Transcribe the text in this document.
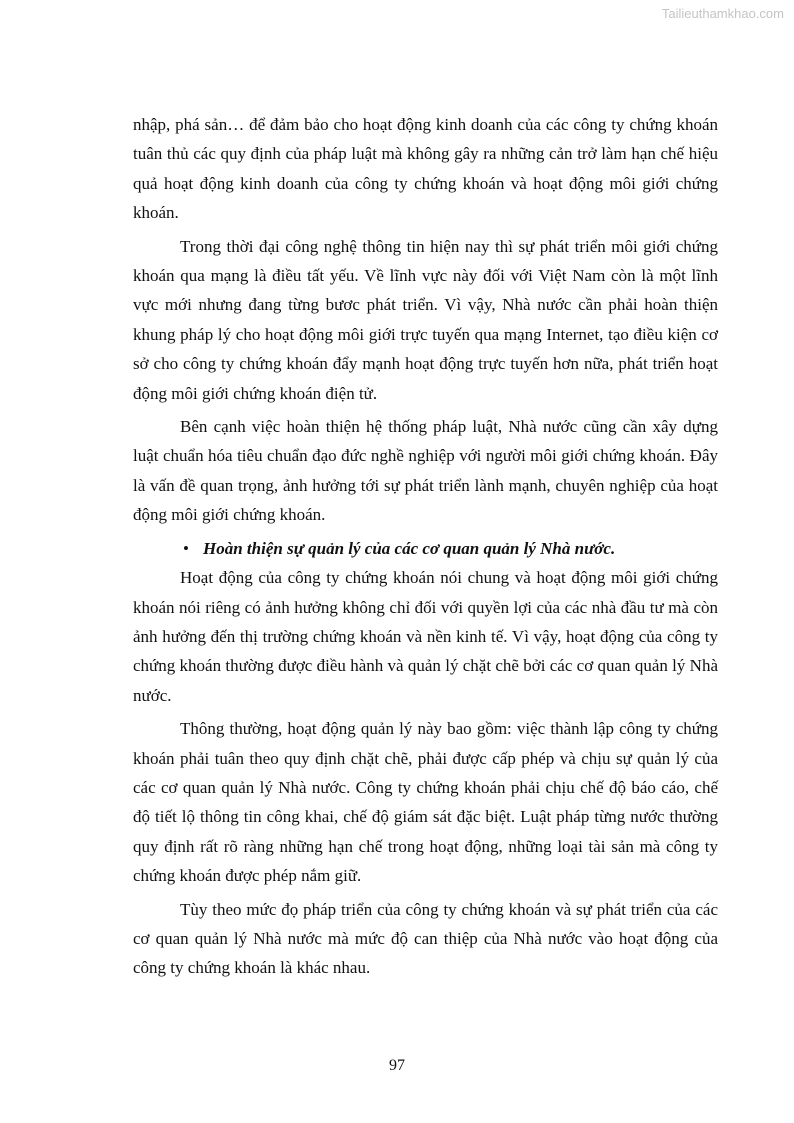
Tailieuthamkhao.com

nhập, phá sản… để đảm bảo cho hoạt động kinh doanh của các công ty chứng khoán tuân thủ các quy định của pháp luật mà không gây ra những cản trở làm hạn chế hiệu quả hoạt động kinh doanh của công ty chứng khoán và hoạt động môi giới chứng khoán.

Trong thời đại công nghệ thông tin hiện nay thì sự phát triển môi giới chứng khoán qua mạng là điều tất yếu. Về lĩnh vực này đối với Việt Nam còn là một lĩnh vực mới nhưng đang từng bươc phát triển. Vì vậy, Nhà nước cần phải hoàn thiện khung pháp lý cho hoạt động môi giới trực tuyến qua mạng Internet, tạo điều kiện cơ sở cho công ty chứng khoán đẩy mạnh hoạt động trực tuyến hơn nữa, phát triển hoạt động môi giới chứng khoán điện tử.

Bên cạnh việc hoàn thiện hệ thống pháp luật, Nhà nước cũng cần xây dựng luật chuẩn hóa tiêu chuẩn đạo đức nghề nghiệp với người môi giới chứng khoán. Đây là vấn đề quan trọng, ảnh hưởng tới sự phát triển lành mạnh, chuyên nghiệp của hoạt động môi giới chứng khoán.

• Hoàn thiện sự quản lý của các cơ quan quản lý Nhà nước.

Hoạt động của công ty chứng khoán nói chung và hoạt động môi giới chứng khoán nói riêng có ảnh hưởng không chỉ đối với quyền lợi của các nhà đầu tư mà còn ảnh hưởng đến thị trường chứng khoán và nền kinh tế. Vì vậy, hoạt động của công ty chứng khoán thường được điều hành và quản lý chặt chẽ bởi các cơ quan quản lý Nhà nước.

Thông thường, hoạt động quản lý này bao gồm: việc thành lập công ty chứng khoán phải tuân theo quy định chặt chẽ, phải được cấp phép và chịu sự quản lý của các cơ quan quản lý Nhà nước. Công ty chứng khoán phải chịu chế độ báo cáo, chế độ tiết lộ thông tin công khai, chế độ giám sát đặc biệt. Luật pháp từng nước thường quy định rất rõ ràng những hạn chế trong hoạt động, những loại tài sản mà công ty chứng khoán được phép nắm giữ.

Tùy theo mức đọ pháp triển của công ty chứng khoán và sự phát triển của các cơ quan quản lý Nhà nước mà mức độ can thiệp của Nhà nước vào hoạt động của công ty chứng khoán là khác nhau.

97
